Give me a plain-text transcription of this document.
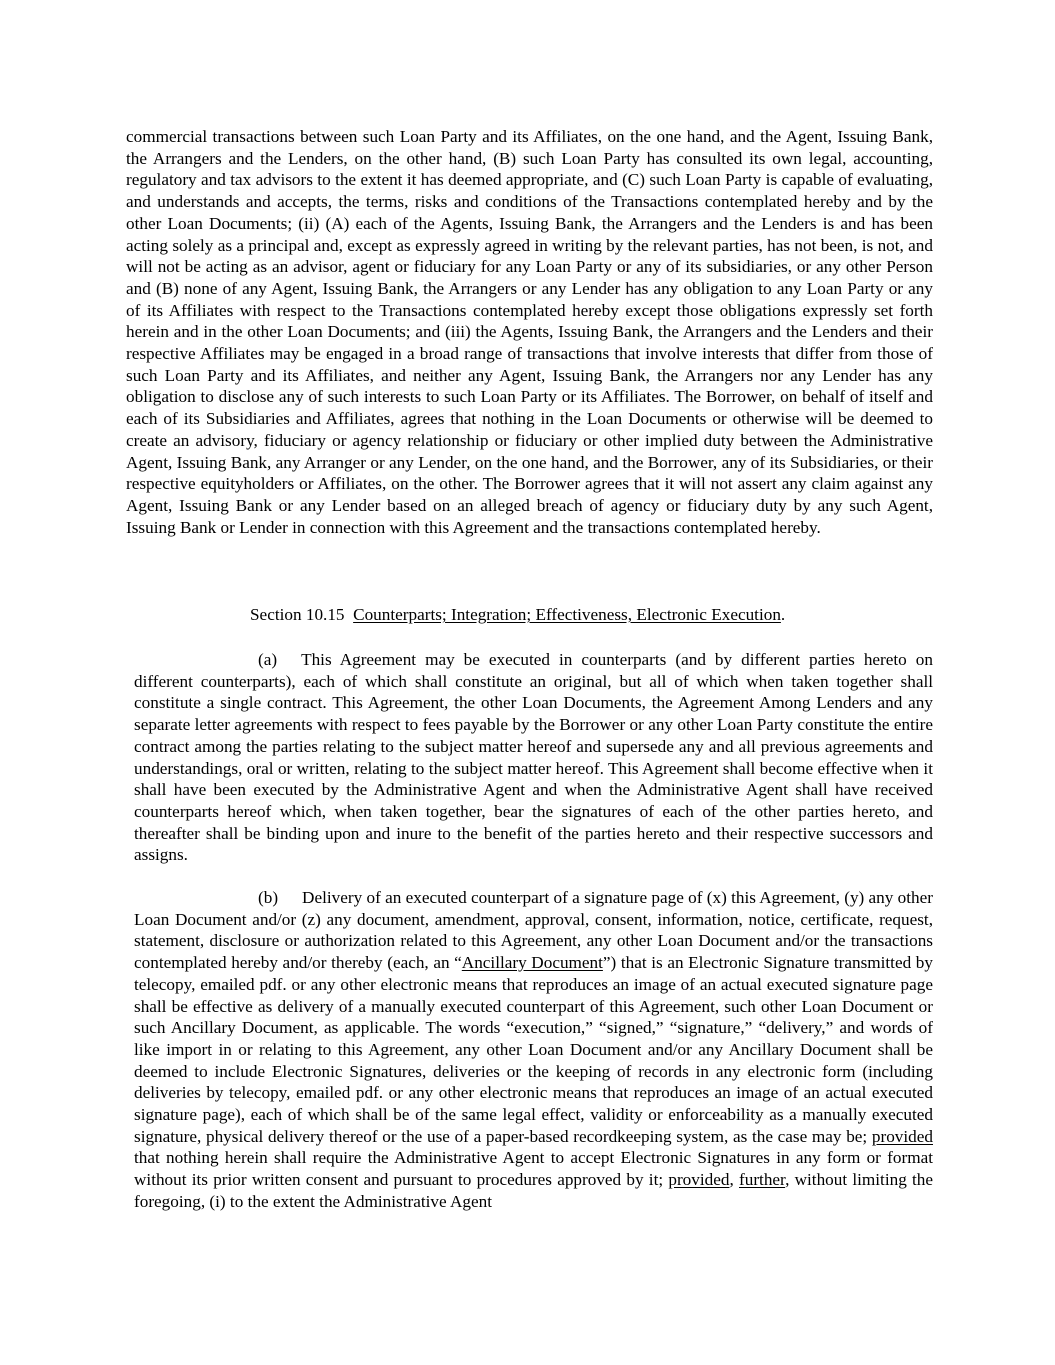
commercial transactions between such Loan Party and its Affiliates, on the one hand, and the Agent, Issuing Bank, the Arrangers and the Lenders, on the other hand, (B) such Loan Party has consulted its own legal, accounting, regulatory and tax advisors to the extent it has deemed appropriate, and (C) such Loan Party is capable of evaluating, and understands and accepts, the terms, risks and conditions of the Transactions contemplated hereby and by the other Loan Documents; (ii) (A) each of the Agents, Issuing Bank, the Arrangers and the Lenders is and has been acting solely as a principal and, except as expressly agreed in writing by the relevant parties, has not been, is not, and will not be acting as an advisor, agent or fiduciary for any Loan Party or any of its subsidiaries, or any other Person and (B) none of any Agent, Issuing Bank, the Arrangers or any Lender has any obligation to any Loan Party or any of its Affiliates with respect to the Transactions contemplated hereby except those obligations expressly set forth herein and in the other Loan Documents; and (iii) the Agents, Issuing Bank, the Arrangers and the Lenders and their respective Affiliates may be engaged in a broad range of transactions that involve interests that differ from those of such Loan Party and its Affiliates, and neither any Agent, Issuing Bank, the Arrangers nor any Lender has any obligation to disclose any of such interests to such Loan Party or its Affiliates. The Borrower, on behalf of itself and each of its Subsidiaries and Affiliates, agrees that nothing in the Loan Documents or otherwise will be deemed to create an advisory, fiduciary or agency relationship or fiduciary or other implied duty between the Administrative Agent, Issuing Bank, any Arranger or any Lender, on the one hand, and the Borrower, any of its Subsidiaries, or their respective equityholders or Affiliates, on the other. The Borrower agrees that it will not assert any claim against any Agent, Issuing Bank or any Lender based on an alleged breach of agency or fiduciary duty by any such Agent, Issuing Bank or Lender in connection with this Agreement and the transactions contemplated hereby.

Section 10.15 Counterparts; Integration; Effectiveness, Electronic Execution.

(a) This Agreement may be executed in counterparts (and by different parties hereto on different counterparts), each of which shall constitute an original, but all of which when taken together shall constitute a single contract. This Agreement, the other Loan Documents, the Agreement Among Lenders and any separate letter agreements with respect to fees payable by the Borrower or any other Loan Party constitute the entire contract among the parties relating to the subject matter hereof and supersede any and all previous agreements and understandings, oral or written, relating to the subject matter hereof. This Agreement shall become effective when it shall have been executed by the Administrative Agent and when the Administrative Agent shall have received counterparts hereof which, when taken together, bear the signatures of each of the other parties hereto, and thereafter shall be binding upon and inure to the benefit of the parties hereto and their respective successors and assigns.

(b) Delivery of an executed counterpart of a signature page of (x) this Agreement, (y) any other Loan Document and/or (z) any document, amendment, approval, consent, information, notice, certificate, request, statement, disclosure or authorization related to this Agreement, any other Loan Document and/or the transactions contemplated hereby and/or thereby (each, an “Ancillary Document”) that is an Electronic Signature transmitted by telecopy, emailed pdf. or any other electronic means that reproduces an image of an actual executed signature page shall be effective as delivery of a manually executed counterpart of this Agreement, such other Loan Document or such Ancillary Document, as applicable. The words “execution,” “signed,” “signature,” “delivery,” and words of like import in or relating to this Agreement, any other Loan Document and/or any Ancillary Document shall be deemed to include Electronic Signatures, deliveries or the keeping of records in any electronic form (including deliveries by telecopy, emailed pdf. or any other electronic means that reproduces an image of an actual executed signature page), each of which shall be of the same legal effect, validity or enforceability as a manually executed signature, physical delivery thereof or the use of a paper-based recordkeeping system, as the case may be; provided that nothing herein shall require the Administrative Agent to accept Electronic Signatures in any form or format without its prior written consent and pursuant to procedures approved by it; provided, further, without limiting the foregoing, (i) to the extent the Administrative Agent
